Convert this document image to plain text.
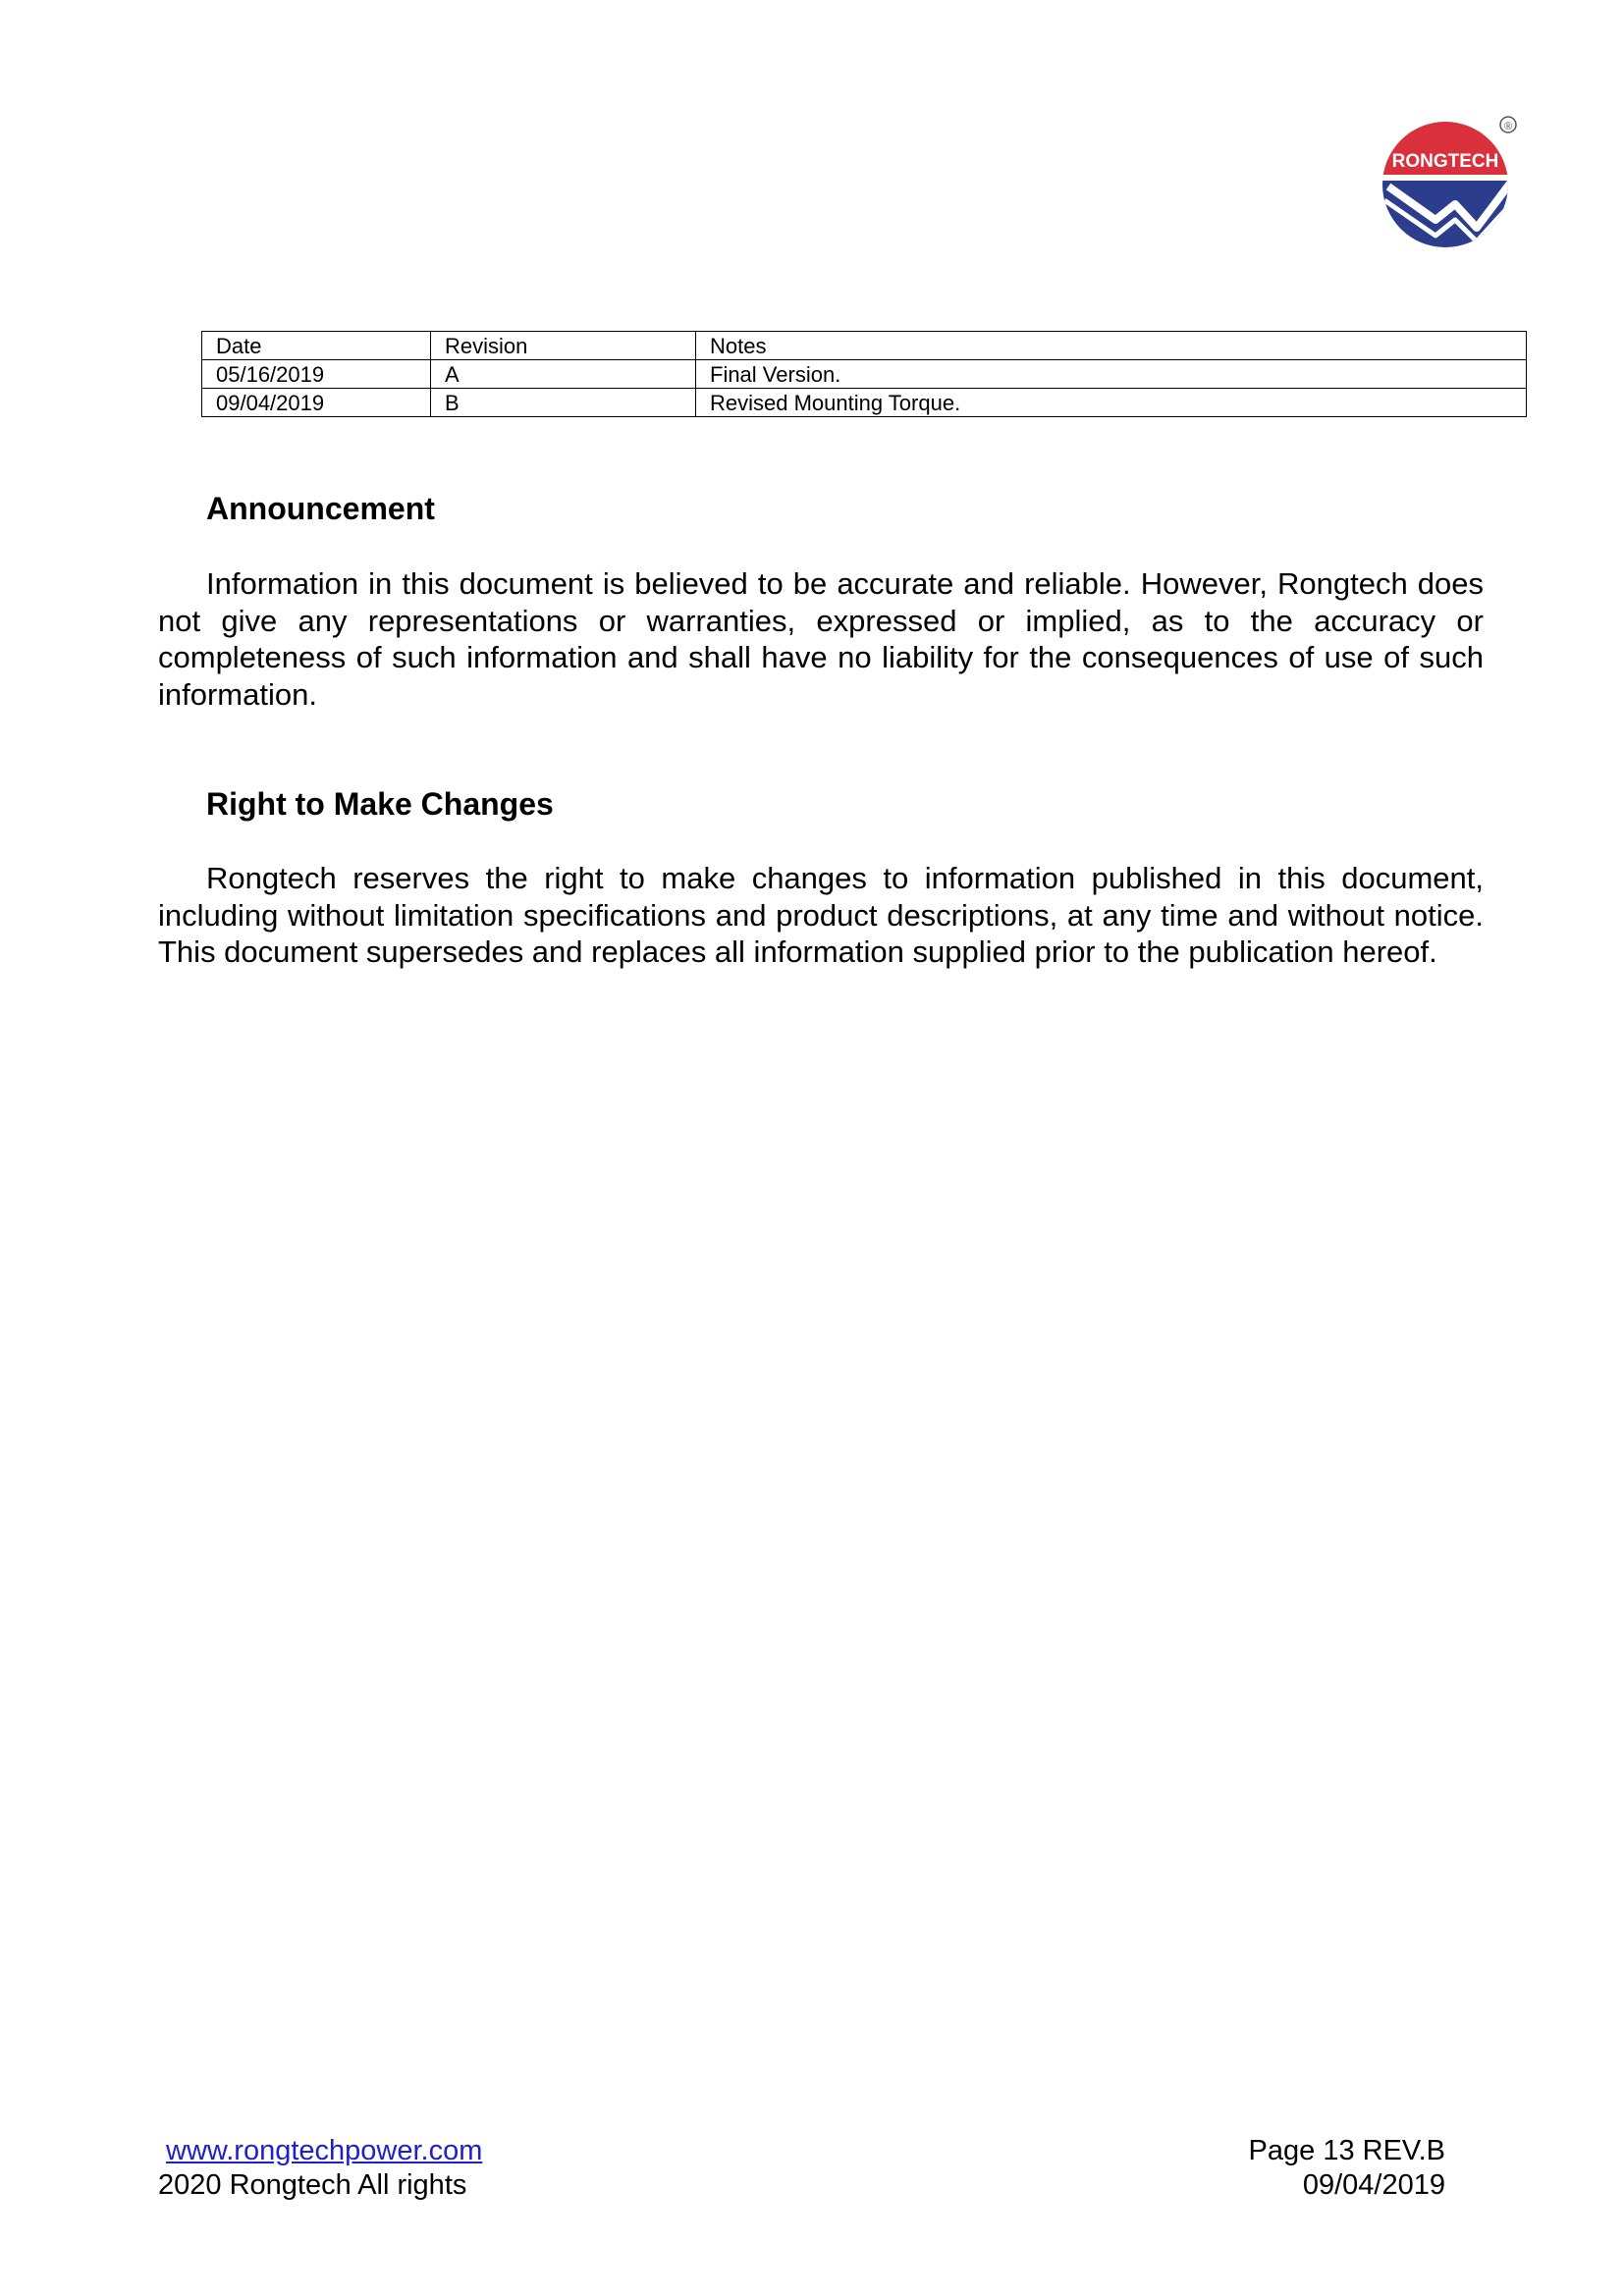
RONGTECH
®
Date	Revision	Notes
05/16/2019	A	Final Version.
09/04/2019	B	Revised Mounting Torque.
Announcement

Information in this document is believed to be accurate and reliable. However, Rongtech does not give any representations or warranties, expressed or implied, as to the accuracy or completeness of such information and shall have no liability for the consequences of use of such information.

Right to Make Changes

Rongtech reserves the right to make changes to information published in this document, including without limitation specifications and product descriptions, at any time and without notice. This document supersedes and replaces all information supplied prior to the publication hereof.

www.rongtechpower.com
2020 Rongtech All rights
Page 13 REV.B
09/04/2019
